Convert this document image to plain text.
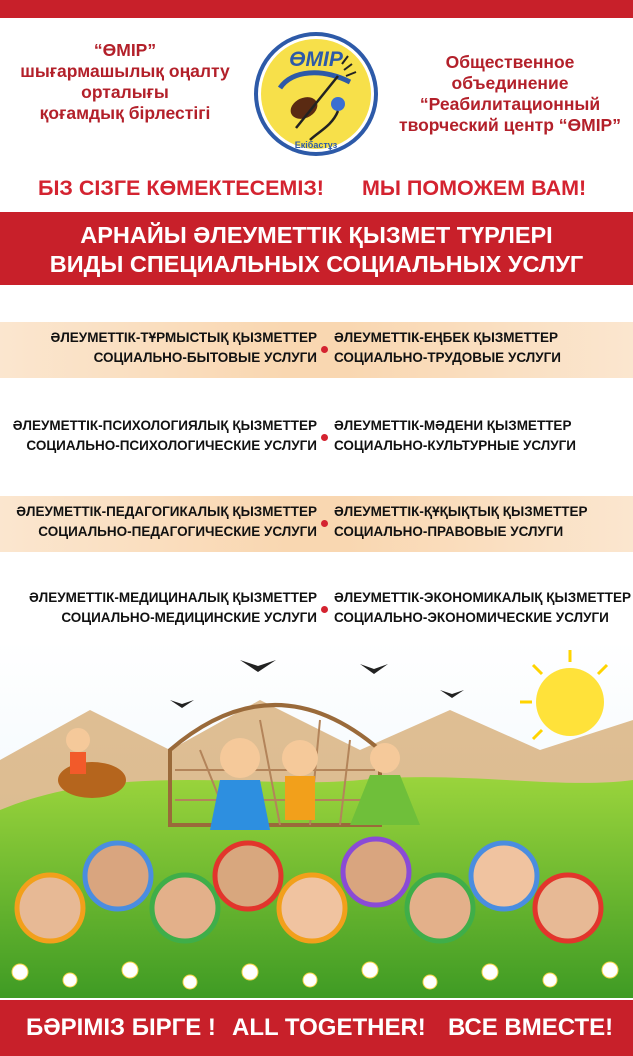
“ӨМІР”
шығармашылық оңалту
орталығы
қоғамдық бірлестігі
ӨМІР
Екібастұз
Общественное
объединение
“Реабилитационный
творческий центр “ӨМІР”
БІЗ СІЗГЕ КӨМЕКТЕСЕМІЗ! МЫ ПОМОЖЕМ ВАМ!
АРНАЙЫ ӘЛЕУМЕТТІК ҚЫЗМЕТ ТҮРЛЕРІ
ВИДЫ СПЕЦИАЛЬНЫХ СОЦИАЛЬНЫХ УСЛУГ
ӘЛЕУМЕТТІК-ТҰРМЫСТЫҚ ҚЫЗМЕТТЕР
СОЦИАЛЬНО-БЫТОВЫЕ УСЛУГИ
ӘЛЕУМЕТТІК-ЕҢБЕК ҚЫЗМЕТТЕР
СОЦИАЛЬНО-ТРУДОВЫЕ УСЛУГИ
ӘЛЕУМЕТТІК-ПСИХОЛОГИЯЛЫҚ ҚЫЗМЕТТЕР
СОЦИАЛЬНО-ПСИХОЛОГИЧЕСКИЕ УСЛУГИ
ӘЛЕУМЕТТІК-МӘДЕНИ ҚЫЗМЕТТЕР
СОЦИАЛЬНО-КУЛЬТУРНЫЕ УСЛУГИ
ӘЛЕУМЕТТІК-ПЕДАГОГИКАЛЫҚ ҚЫЗМЕТТЕР
СОЦИАЛЬНО-ПЕДАГОГИЧЕСКИЕ УСЛУГИ
ӘЛЕУМЕТТІК-ҚҰҚЫҚТЫҚ ҚЫЗМЕТТЕР
СОЦИАЛЬНО-ПРАВОВЫЕ УСЛУГИ
ӘЛЕУМЕТТІК-МЕДИЦИНАЛЫҚ ҚЫЗМЕТТЕР
СОЦИАЛЬНО-МЕДИЦИНСКИЕ УСЛУГИ
ӘЛЕУМЕТТІК-ЭКОНОМИКАЛЫҚ ҚЫЗМЕТТЕР
СОЦИАЛЬНО-ЭКОНОМИЧЕСКИЕ УСЛУГИ
БӘРІМІЗ БІРГЕ ! ALL TOGETHER! ВСЕ ВМЕСТЕ!
